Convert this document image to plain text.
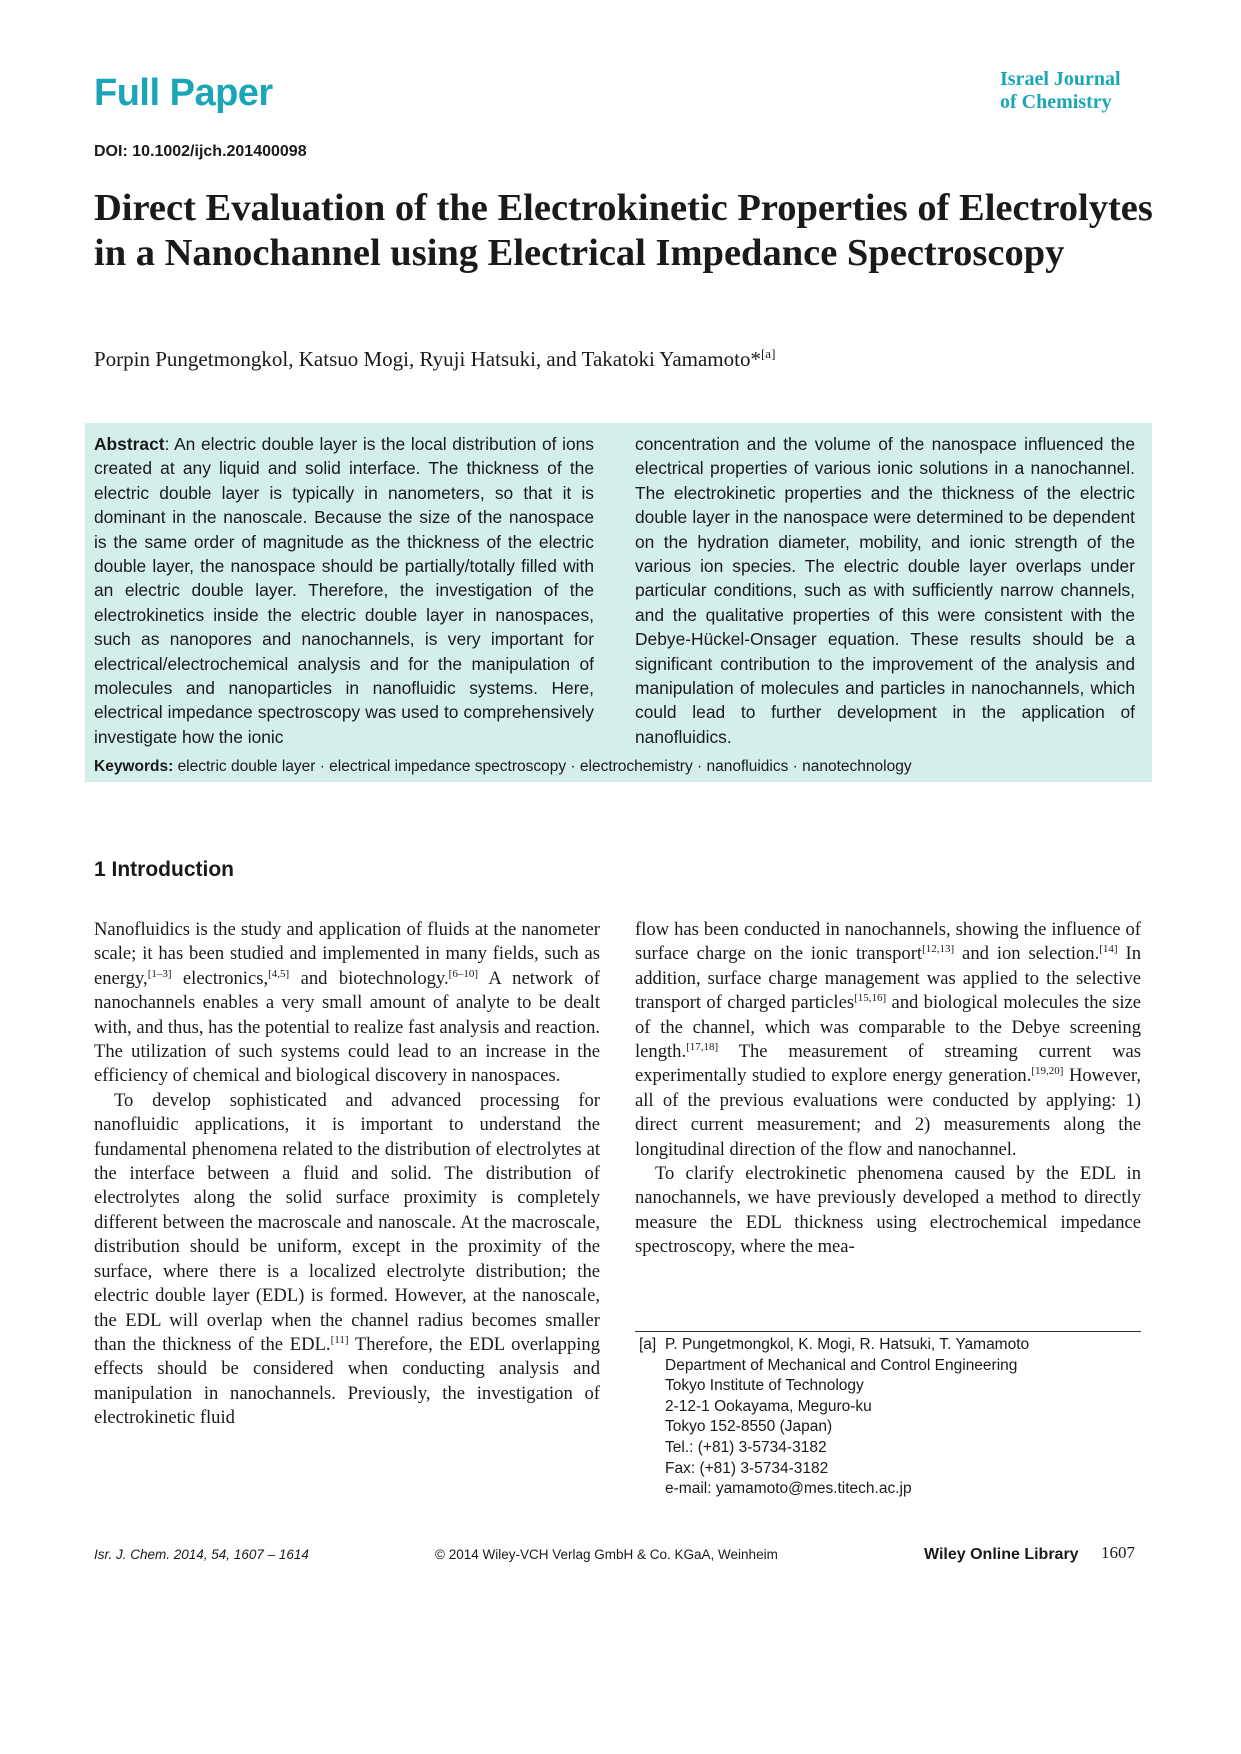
Full Paper	Israel Journal
of Chemistry
DOI: 10.1002/ijch.201400098
Direct Evaluation of the Electrokinetic Properties of Electrolytes in a Nanochannel using Electrical Impedance Spectroscopy
Porpin Pungetmongkol, Katsuo Mogi, Ryuji Hatsuki, and Takatoki Yamamoto*[a]
Abstract: An electric double layer is the local distribution of ions created at any liquid and solid interface. The thickness of the electric double layer is typically in nanometers, so that it is dominant in the nanoscale. Because the size of the nanospace is the same order of magnitude as the thickness of the electric double layer, the nanospace should be partially/totally filled with an electric double layer. Therefore, the investigation of the electrokinetics inside the electric double layer in nanospaces, such as nanopores and nanochannels, is very important for electrical/electrochemical analysis and for the manipulation of molecules and nanoparticles in nanofluidic systems. Here, electrical impedance spectroscopy was used to comprehensively investigate how the ionic
concentration and the volume of the nanospace influenced the electrical properties of various ionic solutions in a nanochannel. The electrokinetic properties and the thickness of the electric double layer in the nanospace were determined to be dependent on the hydration diameter, mobility, and ionic strength of the various ion species. The electric double layer overlaps under particular conditions, such as with sufficiently narrow channels, and the qualitative properties of this were consistent with the Debye-Hückel-Onsager equation. These results should be a significant contribution to the improvement of the analysis and manipulation of molecules and particles in nanochannels, which could lead to further development in the application of nanofluidics.
Keywords: electric double layer · electrical impedance spectroscopy · electrochemistry · nanofluidics · nanotechnology
1 Introduction

Nanofluidics is the study and application of fluids at the nanometer scale; it has been studied and implemented in many fields, such as energy,[1–3] electronics,[4,5] and biotechnology.[6–10] A network of nanochannels enables a very small amount of analyte to be dealt with, and thus, has the potential to realize fast analysis and reaction. The utilization of such systems could lead to an increase in the efficiency of chemical and biological discovery in nanospaces.

To develop sophisticated and advanced processing for nanofluidic applications, it is important to understand the fundamental phenomena related to the distribution of electrolytes at the interface between a fluid and solid. The distribution of electrolytes along the solid surface proximity is completely different between the macroscale and nanoscale. At the macroscale, distribution should be uniform, except in the proximity of the surface, where there is a localized electrolyte distribution; the electric double layer (EDL) is formed. However, at the nanoscale, the EDL will overlap when the channel radius becomes smaller than the thickness of the EDL.[11] Therefore, the EDL overlapping effects should be considered when conducting analysis and manipulation in nanochannels. Previously, the investigation of electrokinetic fluid

flow has been conducted in nanochannels, showing the influence of surface charge on the ionic transport[12,13] and ion selection.[14] In addition, surface charge management was applied to the selective transport of charged particles[15,16] and biological molecules the size of the channel, which was comparable to the Debye screening length.[17,18] The measurement of streaming current was experimentally studied to explore energy generation.[19,20] However, all of the previous evaluations were conducted by applying: 1) direct current measurement; and 2) measurements along the longitudinal direction of the flow and nanochannel.

To clarify electrokinetic phenomena caused by the EDL in nanochannels, we have previously developed a method to directly measure the EDL thickness using electrochemical impedance spectroscopy, where the mea-

[a] P. Pungetmongkol, K. Mogi, R. Hatsuki, T. Yamamoto
Department of Mechanical and Control Engineering
Tokyo Institute of Technology
2-12-1 Ookayama, Meguro-ku
Tokyo 152-8550 (Japan)
Tel.: (+81) 3-5734-3182
Fax: (+81) 3-5734-3182
e-mail: yamamoto@mes.titech.ac.jp
Isr. J. Chem. 2014, 54, 1607 – 1614	© 2014 Wiley-VCH Verlag GmbH & Co. KGaA, Weinheim	Wiley Online Library 1607
